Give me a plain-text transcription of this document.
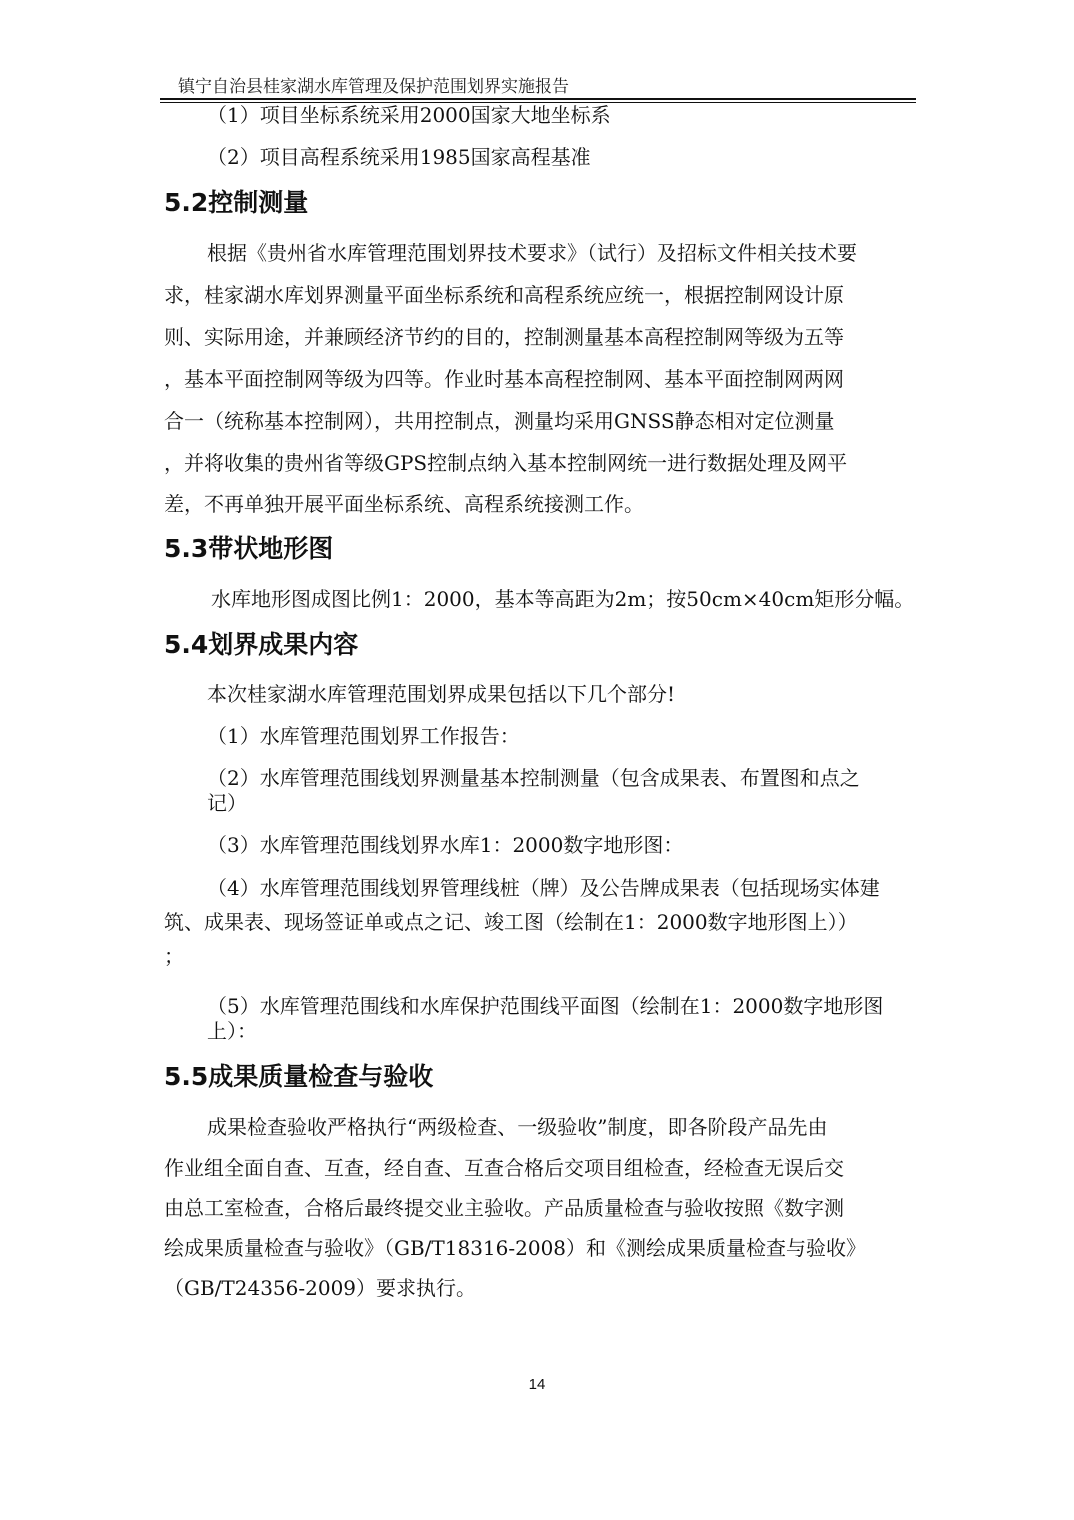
镇宁自治县桂家湖水库管理及保护范围划界实施报告
（1）项目坐标系统采用2000国家大地坐标系
（2）项目高程系统采用1985国家高程基准
5.2控制测量
根据《贵州省水库管理范围划界技术要求》（试行）及招标文件相关技术要
求，桂家湖水库划界测量平面坐标系统和高程系统应统一，根据控制网设计原
则、实际用途，并兼顾经济节约的目的，控制测量基本高程控制网等级为五等
，基本平面控制网等级为四等。作业时基本高程控制网、基本平面控制网两网
合一（统称基本控制网），共用控制点，测量均采用GNSS静态相对定位测量
，并将收集的贵州省等级GPS控制点纳入基本控制网统一进行数据处理及网平
差，不再单独开展平面坐标系统、高程系统接测工作。
5.3带状地形图
水库地形图成图比例1：2000，基本等高距为2m；按50cm×40cm矩形分幅。
5.4划界成果内容
本次桂家湖水库管理范围划界成果包括以下几个部分!
（1）水库管理范围划界工作报告：
（2）水库管理范围线划界测量基本控制测量（包含成果表、布置图和点之
记）
（3）水库管理范围线划界水库1：2000数字地形图：
（4）水库管理范围线划界管理线桩（牌）及公告牌成果表（包括现场实体建
筑、成果表、现场签证单或点之记、竣工图（绘制在1：2000数字地形图上））
；
（5）水库管理范围线和水库保护范围线平面图（绘制在1：2000数字地形图
上）：
5.5成果质量检查与验收
成果检查验收严格执行“两级检查、一级验收”制度，即各阶段产品先由
作业组全面自查、互查，经自查、互查合格后交项目组检查，经检查无误后交
由总工室检查，合格后最终提交业主验收。产品质量检查与验收按照《数字测
绘成果质量检查与验收》（GB/T18316-2008）和《测绘成果质量检查与验收》
（GB/T24356-2009）要求执行。
14
